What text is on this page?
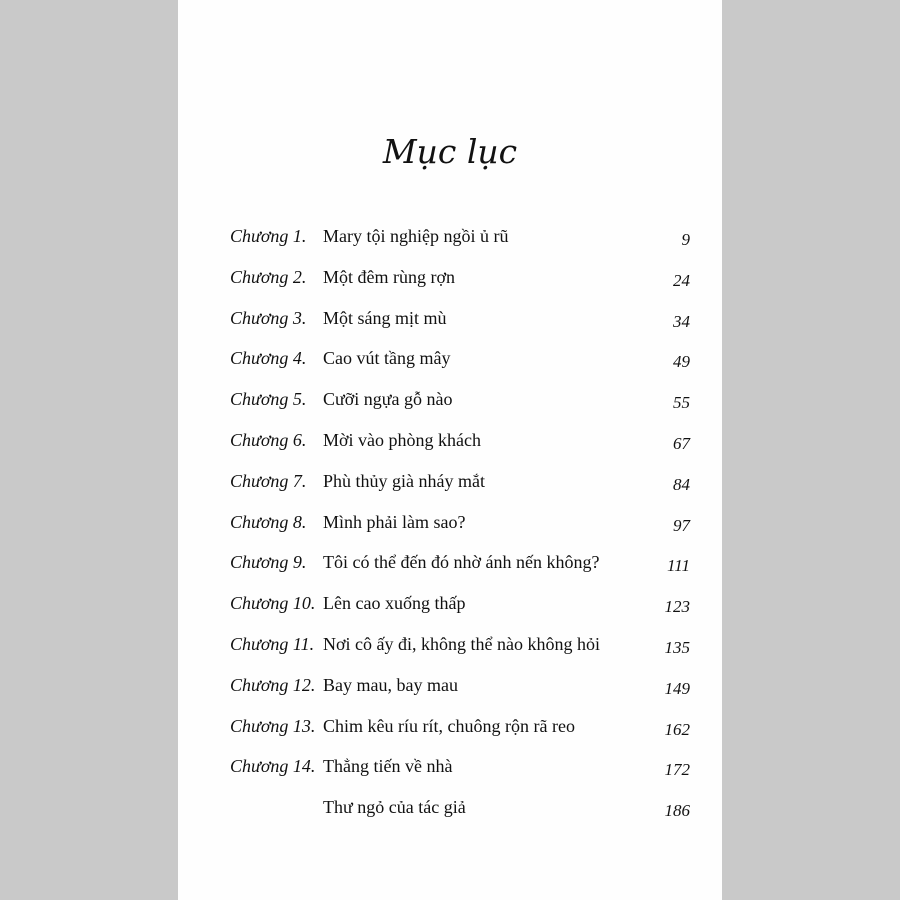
Mục lục
Chương 1. Mary tội nghiệp ngồi ủ rũ	9
Chương 2. Một đêm rùng rợn	24
Chương 3. Một sáng mịt mù	34
Chương 4. Cao vút tầng mây	49
Chương 5. Cưỡi ngựa gỗ nào	55
Chương 6. Mời vào phòng khách	67
Chương 7. Phù thủy già nháy mắt	84
Chương 8. Mình phải làm sao?	97
Chương 9. Tôi có thể đến đó nhờ ánh nến không?	111
Chương 10. Lên cao xuống thấp	123
Chương 11. Nơi cô ấy đi, không thể nào không hỏi	135
Chương 12. Bay mau, bay mau	149
Chương 13. Chim kêu ríu rít, chuông rộn rã reo	162
Chương 14. Thẳng tiến về nhà	172
Thư ngỏ của tác giả	186
